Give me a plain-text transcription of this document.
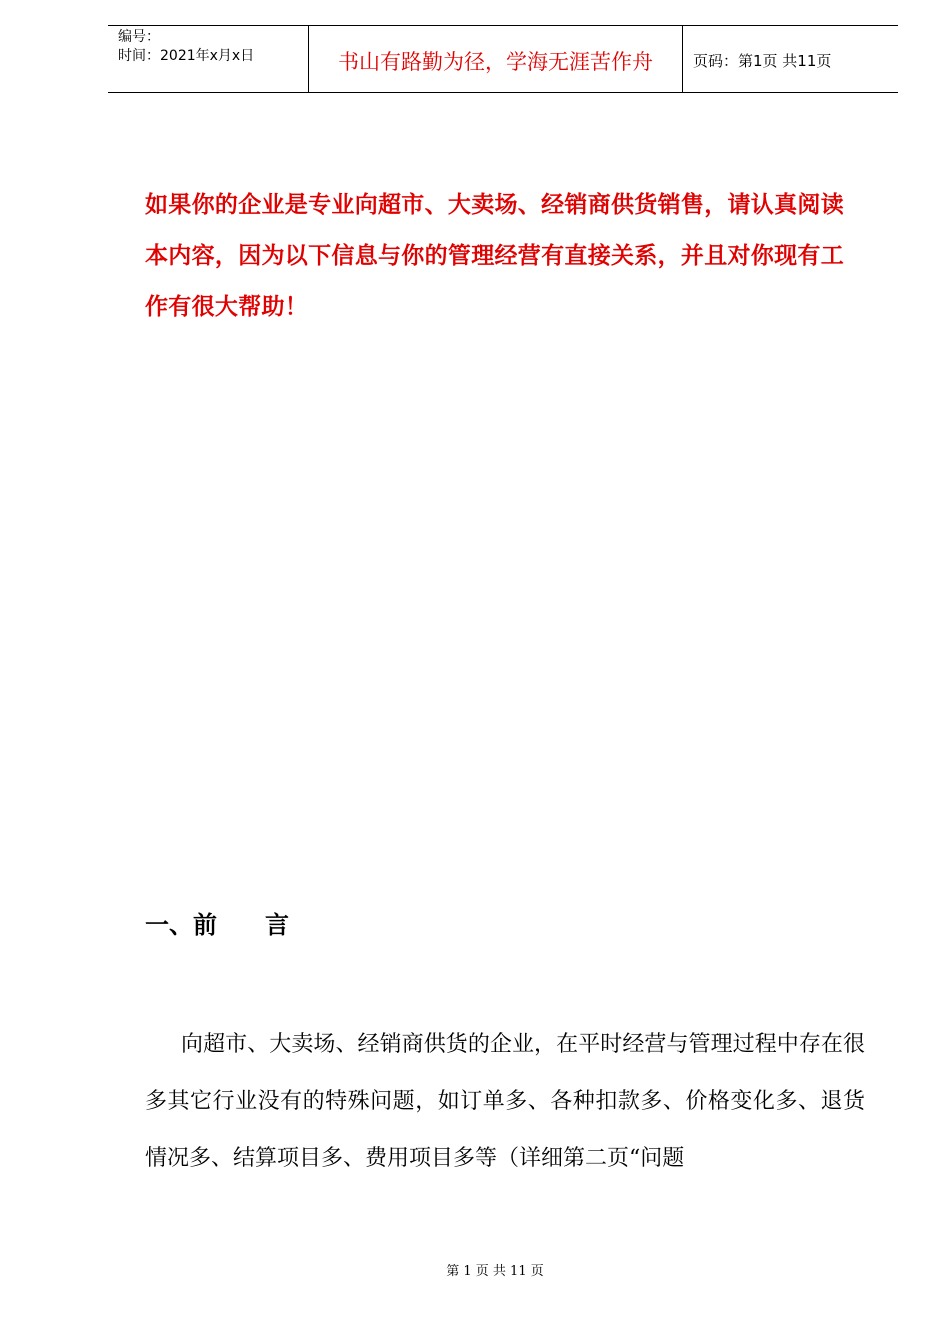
编号：
时间：2021年x月x日	书山有路勤为径，学海无涯苦作舟	页码：第1页 共11页

如果你的企业是专业向超市、大卖场、经销商供货销售，请认真阅读

本内容，因为以下信息与你的管理经营有直接关系，并且对你现有工

作有很大帮助！

一、前　　言
向超市、大卖场、经销商供货的企业，在平时经营与管理过程中存在很多其它行业没有的特殊问题，如订单多、各种扣款多、价格变化多、退货情况多、结算项目多、费用项目多等（详细第二页“问题
第 1 页 共 11 页
